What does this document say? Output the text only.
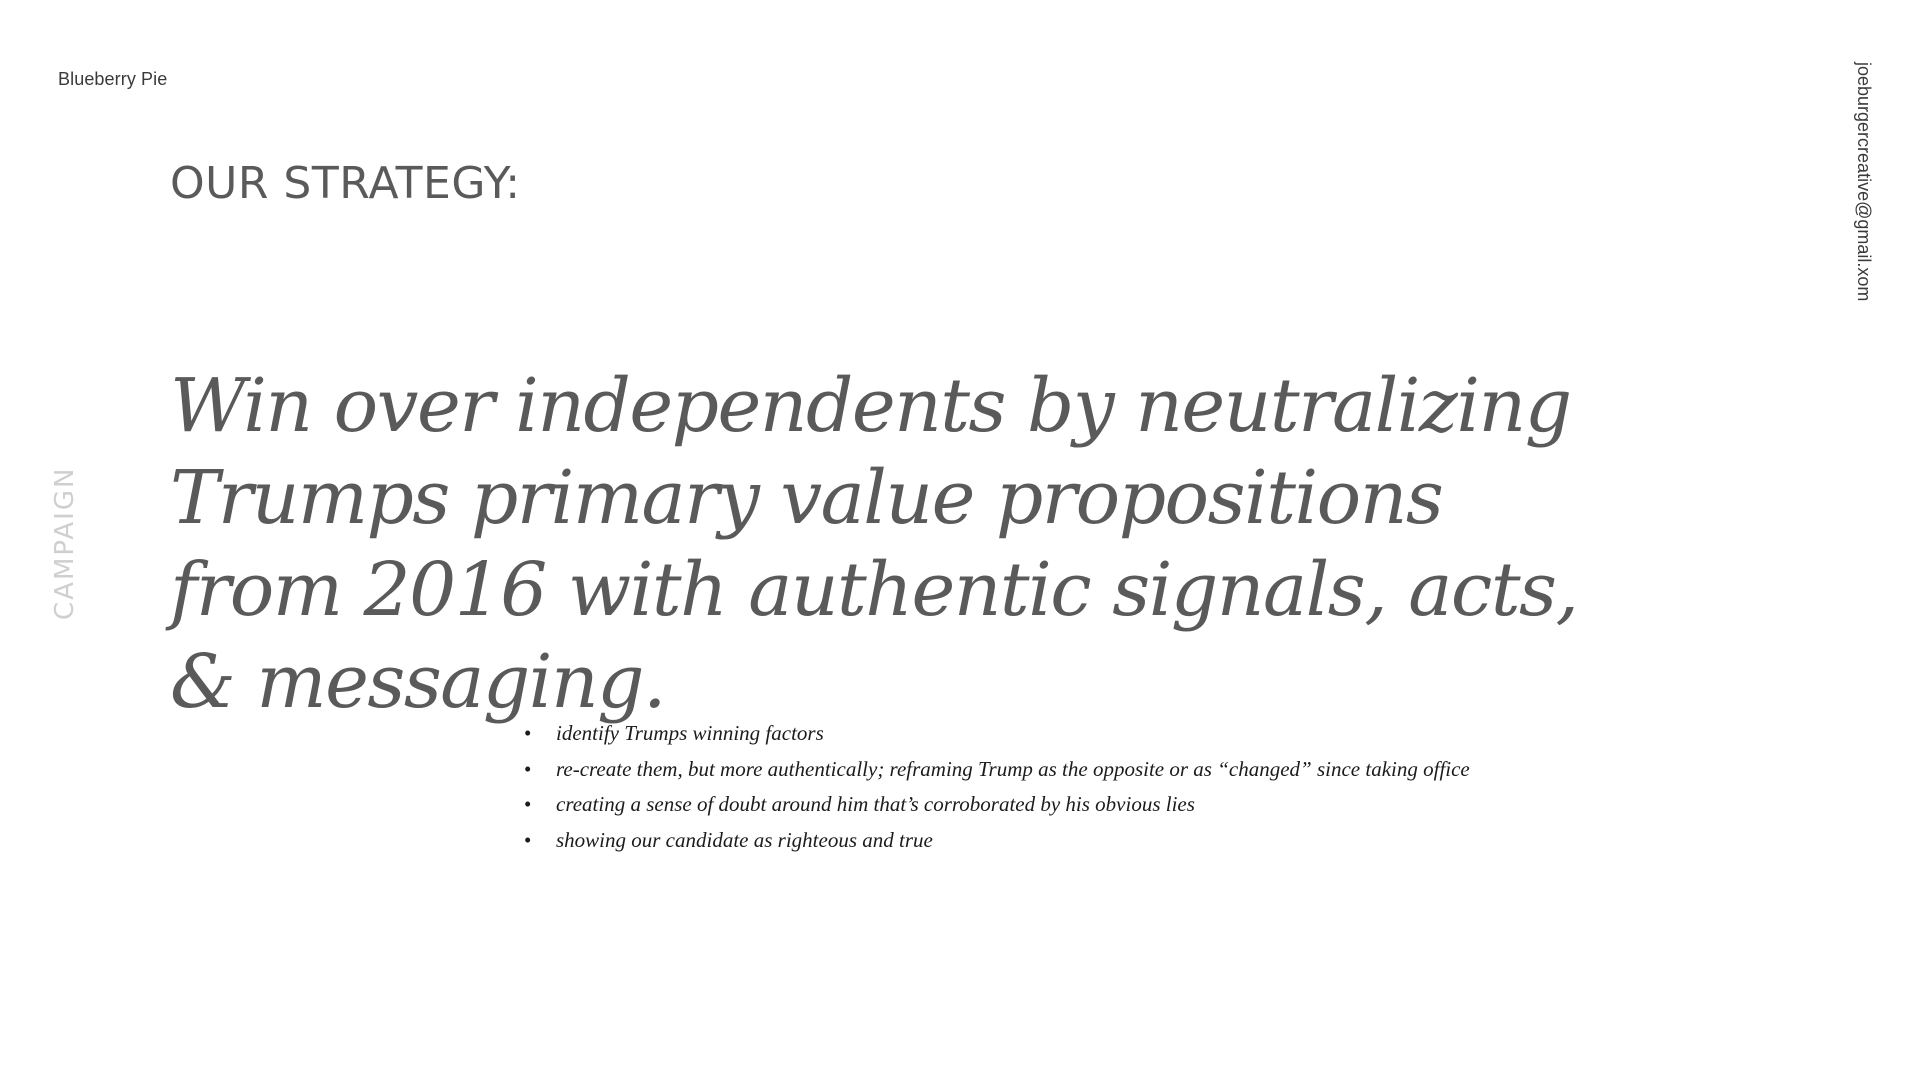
Blueberry Pie	joeburgercreative@gmail.xom
CAMPAIGN
OUR STRATEGY:

Win over independents by neutralizing Trumps primary value propositions from 2016 with authentic signals, acts, & messaging.

• identify Trumps winning factors
• re-create them, but more authentically; reframing Trump as the opposite or as “changed” since taking office
• creating a sense of doubt around him that’s corroborated by his obvious lies
• showing our candidate as righteous and true
